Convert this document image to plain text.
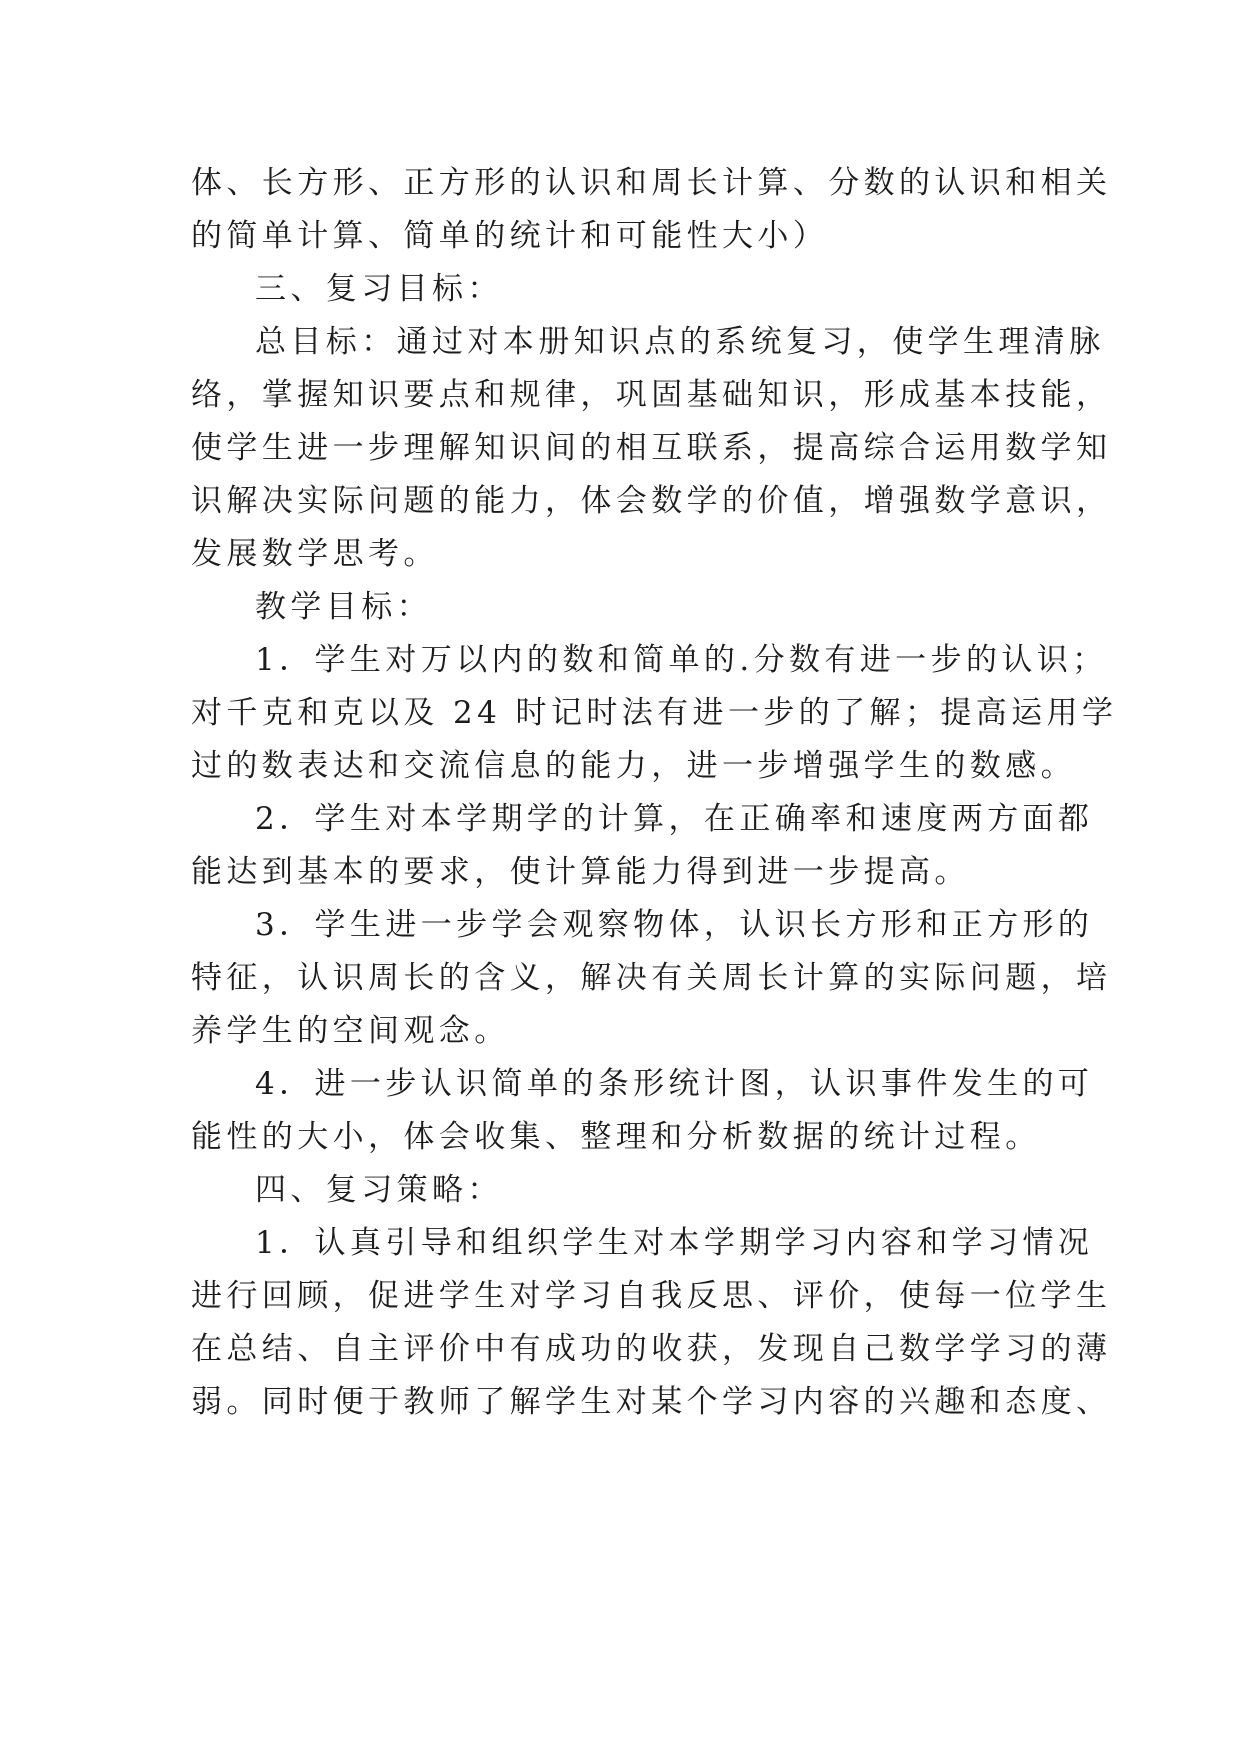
体、长方形、正方形的认识和周长计算、分数的认识和相关
的简单计算、简单的统计和可能性大小）
三、复习目标：
总目标：通过对本册知识点的系统复习，使学生理清脉
络，掌握知识要点和规律，巩固基础知识，形成基本技能，
使学生进一步理解知识间的相互联系，提高综合运用数学知
识解决实际问题的能力，体会数学的价值，增强数学意识，
发展数学思考。
教学目标：
1．学生对万以内的数和简单的.分数有进一步的认识；
对千克和克以及 24 时记时法有进一步的了解；提高运用学
过的数表达和交流信息的能力，进一步增强学生的数感。
2．学生对本学期学的计算，在正确率和速度两方面都
能达到基本的要求，使计算能力得到进一步提高。
3．学生进一步学会观察物体，认识长方形和正方形的
特征，认识周长的含义，解决有关周长计算的实际问题，培
养学生的空间观念。
4．进一步认识简单的条形统计图，认识事件发生的可
能性的大小，体会收集、整理和分析数据的统计过程。
四、复习策略：
1．认真引导和组织学生对本学期学习内容和学习情况
进行回顾，促进学生对学习自我反思、评价，使每一位学生
在总结、自主评价中有成功的收获，发现自己数学学习的薄
弱。同时便于教师了解学生对某个学习内容的兴趣和态度、
